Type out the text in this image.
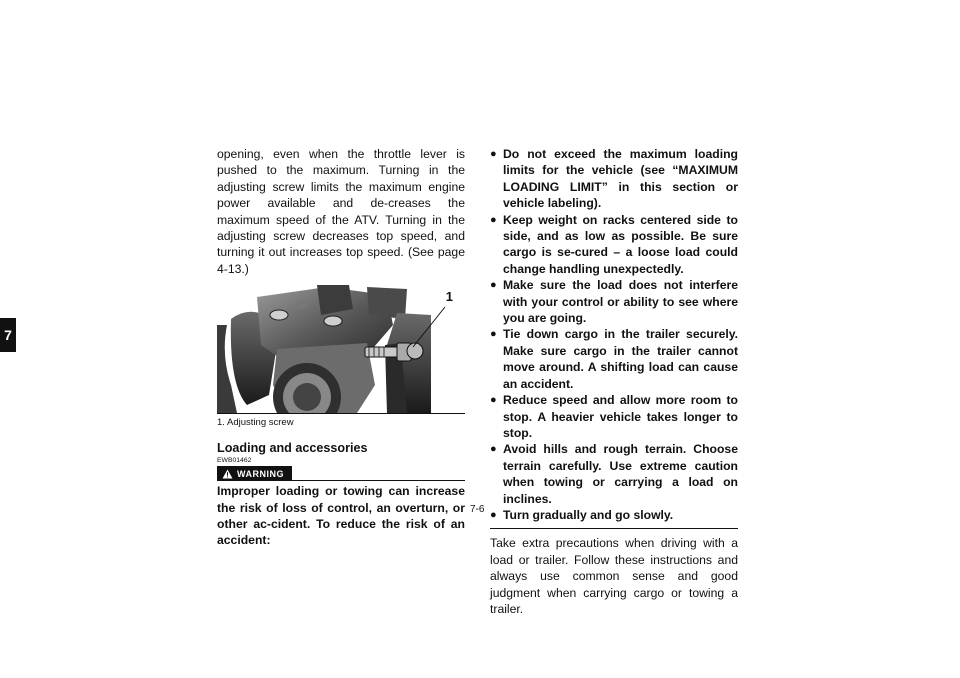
7

opening, even when the throttle lever is pushed to the maximum. Turning in the adjusting screw limits the maximum engine power available and de-creases the maximum speed of the ATV. Turning in the adjusting screw decreases top speed, and turning it out increases top speed. (See page 4-13.)

1
1. Adjusting screw
Loading and accessories
EWB01462
WARNING

Improper loading or towing can increase the risk of loss of control, an overturn, or other ac-cident. To reduce the risk of an accident:

● Do not exceed the maximum loading limits for the vehicle (see “MAXIMUM LOADING LIMIT” in this section or vehicle labeling).
● Keep weight on racks centered side to side, and as low as possible. Be sure cargo is se-cured – a loose load could change handling unexpectedly.
● Make sure the load does not interfere with your control or ability to see where you are going.
● Tie down cargo in the trailer securely. Make sure cargo in the trailer cannot move around. A shifting load can cause an accident.
● Reduce speed and allow more room to stop. A heavier vehicle takes longer to stop.
● Avoid hills and rough terrain. Choose terrain carefully. Use extreme caution when towing or carrying a load on inclines.
● Turn gradually and go slowly.

Take extra precautions when driving with a load or trailer. Follow these instructions and always use common sense and good judgment when carrying cargo or towing a trailer.

7-6
